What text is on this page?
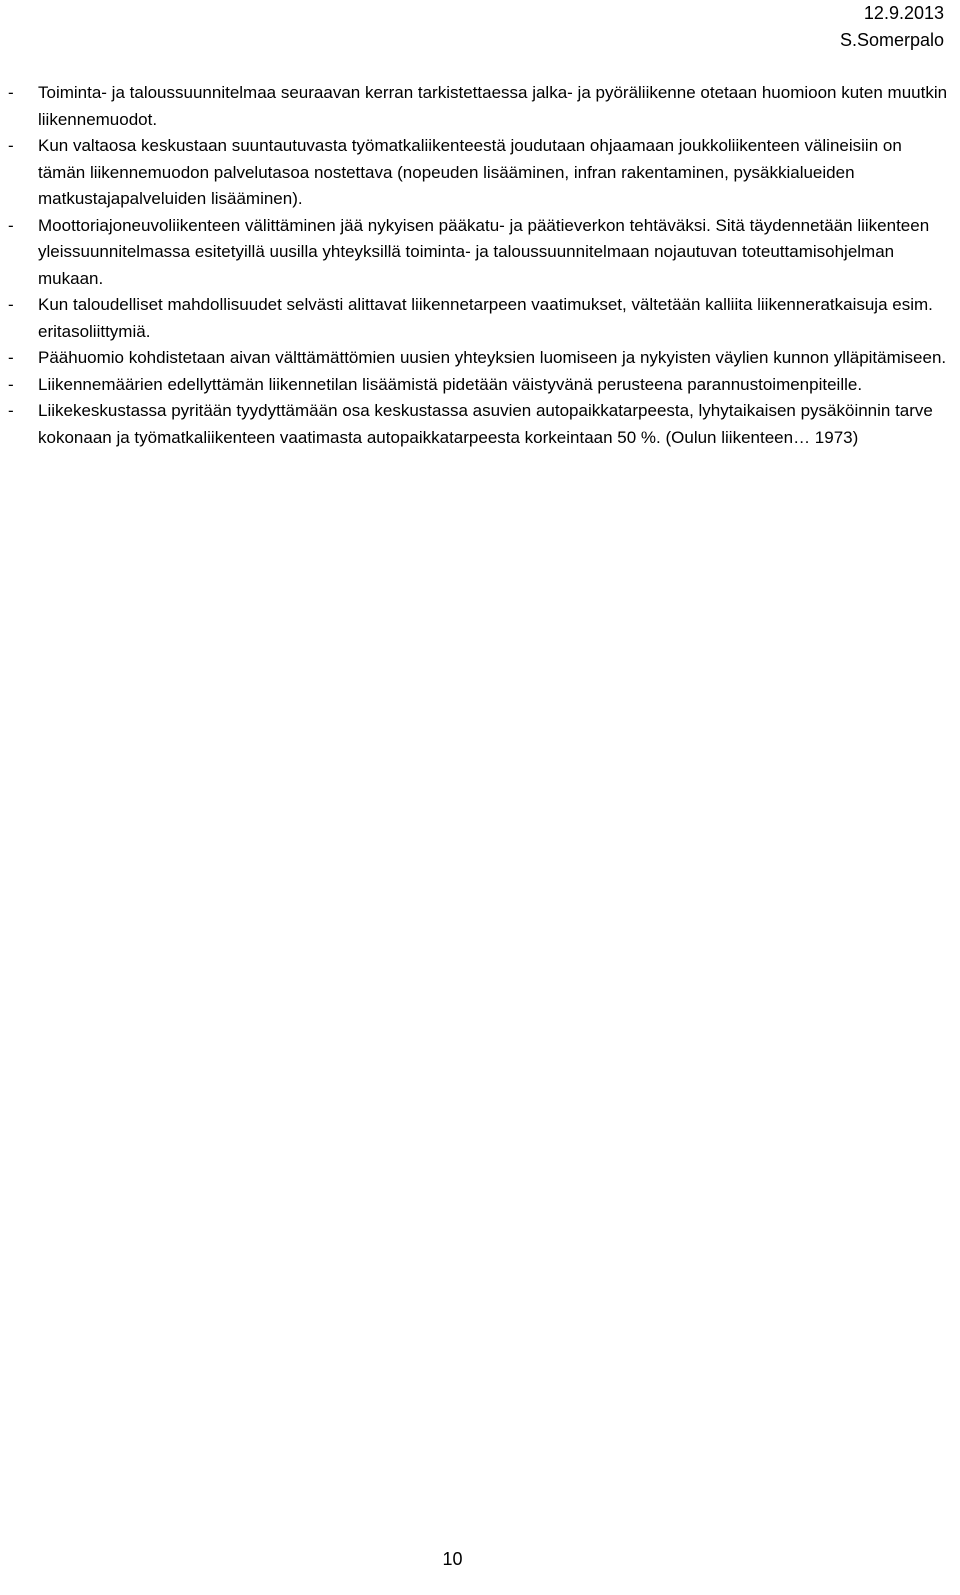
12.9.2013
S.Somerpalo
- Toiminta- ja taloussuunnitelmaa seuraavan kerran tarkistettaessa jalka- ja pyöräliikenne otetaan huomioon kuten muutkin liikennemuodot.
- Kun valtaosa keskustaan suuntautuvasta työmatkaliikenteestä joudutaan ohjaamaan joukkoliikenteen välineisiin on tämän liikennemuodon palvelutasoa nostettava (nopeuden lisääminen, infran rakentaminen, pysäkkialueiden matkustajapalveluiden lisääminen).
- Moottoriajoneuvoliikenteen välittäminen jää nykyisen pääkatu- ja päätieverkon tehtäväksi. Sitä täydennetään liikenteen yleissuunnitelmassa esitetyillä uusilla yhteyksillä toiminta- ja taloussuunnitelmaan nojautuvan toteuttamisohjelman mukaan.
- Kun taloudelliset mahdollisuudet selvästi alittavat liikennetarpeen vaatimukset, vältetään kalliita liikenneratkaisuja esim. eritasoliittymiä.
- Päähuomio kohdistetaan aivan välttämättömien uusien yhteyksien luomiseen ja nykyisten väylien kunnon ylläpitämiseen.
- Liikennemäärien edellyttämän liikennetilan lisäämistä pidetään väistyvänä perusteena parannustoimenpiteille.
- Liikekeskustassa pyritään tyydyttämään osa keskustassa asuvien autopaikkatarpeesta, lyhytaikaisen pysäköinnin tarve kokonaan ja työmatkaliikenteen vaatimasta autopaikkatarpeesta korkeintaan 50 %. (Oulun liikenteen… 1973)
10
